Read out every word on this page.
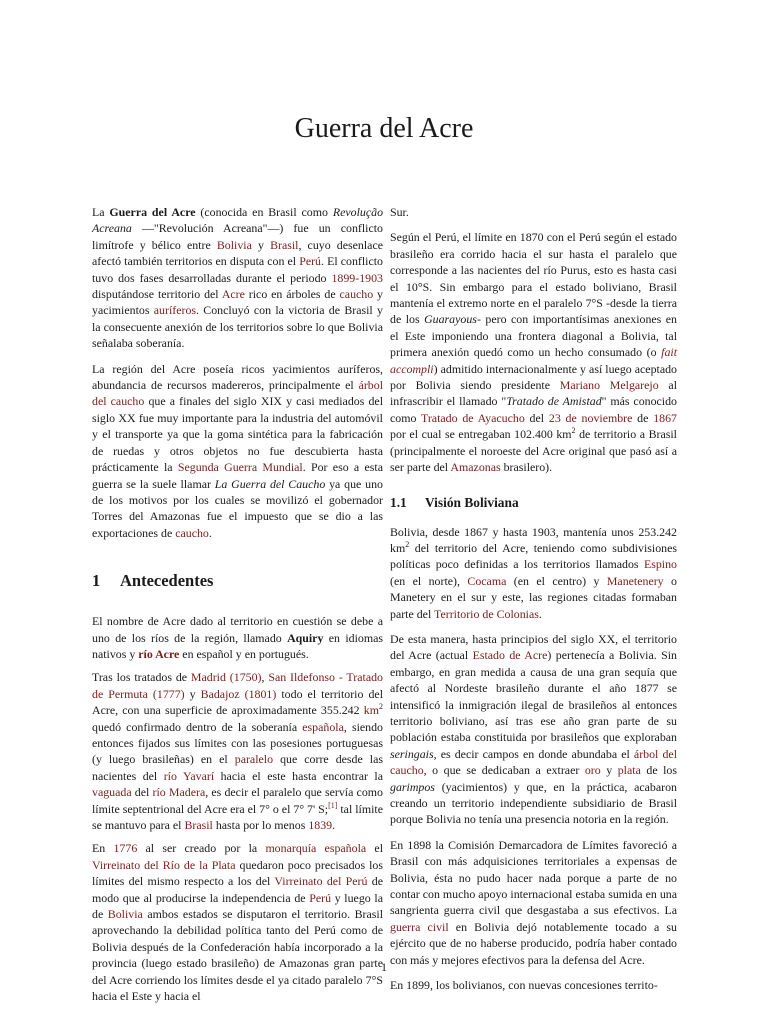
Guerra del Acre

La Guerra del Acre (conocida en Brasil como Revolução Acreana —"Revolución Acreana"—) fue un conflicto limítrofe y bélico entre Bolivia y Brasil, cuyo desenlace afectó también territorios en disputa con el Perú. El conflicto tuvo dos fases desarrolladas durante el periodo 1899-1903 disputándose territorio del Acre rico en árboles de caucho y yacimientos auríferos. Concluyó con la victoria de Brasil y la consecuente anexión de los territorios sobre lo que Bolivia señalaba soberanía.

La región del Acre poseía ricos yacimientos auríferos, abundancia de recursos madereros, principalmente el árbol del caucho que a finales del siglo XIX y casi mediados del siglo XX fue muy importante para la industria del automóvil y el transporte ya que la goma sintética para la fabricación de ruedas y otros objetos no fue descubierta hasta prácticamente la Segunda Guerra Mundial. Por eso a esta guerra se la suele llamar La Guerra del Caucho ya que uno de los motivos por los cuales se movilizó el gobernador Torres del Amazonas fue el impuesto que se dio a las exportaciones de caucho.

1 Antecedentes

El nombre de Acre dado al territorio en cuestión se debe a uno de los ríos de la región, llamado Aquiry en idiomas nativos y río Acre en español y en portugués.

Tras los tratados de Madrid (1750), San Ildefonso - Tratado de Permuta (1777) y Badajoz (1801) todo el territorio del Acre, con una superficie de aproximadamente 355.242 $km^2$ quedó confirmado dentro de la soberanía española, siendo entonces fijados sus límites con las posesiones portuguesas (y luego brasileñas) en el paralelo que corre desde las nacientes del río Yavarí hacia el este hasta encontrar la vaguada del río Madera, es decir el paralelo que servía como límite septentrional del Acre era el 7° o el 7° 7' S;[1] tal límite se mantuvo para el Brasil hasta por lo menos 1839.

En 1776 al ser creado por la monarquía española el Virreinato del Río de la Plata quedaron poco precisados los límites del mismo respecto a los del Virreinato del Perú de modo que al producirse la independencia de Perú y luego la de Bolivia ambos estados se disputaron el territorio. Brasil aprovechando la debilidad política tanto del Perú como de Bolivia después de la Confederación había incorporado a la provincia (luego estado brasileño) de Amazonas gran parte del Acre corriendo los límites desde el ya citado paralelo 7°S hacia el Este y hacia el

Sur.

Según el Perú, el límite en 1870 con el Perú según el estado brasileño era corrido hacia el sur hasta el paralelo que corresponde a las nacientes del río Purus, esto es hasta casi el 10°S. Sin embargo para el estado boliviano, Brasil mantenía el extremo norte en el paralelo 7°S -desde la tierra de los Guarayous- pero con importantísimas anexiones en el Este imponiendo una frontera diagonal a Bolivia, tal primera anexión quedó como un hecho consumado (o fait accompli) admitido internacionalmente y así luego aceptado por Bolivia siendo presidente Mariano Melgarejo al infrascribir el llamado "Tratado de Amistad" más conocido como Tratado de Ayacucho del 23 de noviembre de 1867 por el cual se entregaban 102.400 $km^2$ de territorio a Brasil (principalmente el noroeste del Acre original que pasó así a ser parte del Amazonas brasilero).

1.1 Visión Boliviana

Bolivia, desde 1867 y hasta 1903, mantenía unos 253.242 $km^2$ del territorio del Acre, teniendo como subdivisiones políticas poco definidas a los territorios llamados Espino (en el norte), Cocama (en el centro) y Manetenery o Manetery en el sur y este, las regiones citadas formaban parte del Territorio de Colonias.

De esta manera, hasta principios del siglo XX, el territorio del Acre (actual Estado de Acre) pertenecía a Bolivia. Sin embargo, en gran medida a causa de una gran sequía que afectó al Nordeste brasileño durante el año 1877 se intensificó la inmigración ilegal de brasileños al entonces territorio boliviano, así tras ese año gran parte de su población estaba constituida por brasileños que exploraban seringais, es decir campos en donde abundaba el árbol del caucho, o que se dedicaban a extraer oro y plata de los garimpos (yacimientos) y que, en la práctica, acabaron creando un territorio independiente subsidiario de Brasil porque Bolivia no tenía una presencia notoria en la región.

En 1898 la Comisión Demarcadora de Límites favoreció a Brasil con más adquisiciones territoriales a expensas de Bolivia, ésta no pudo hacer nada porque a parte de no contar con mucho apoyo internacional estaba sumida en una sangrienta guerra civil que desgastaba a sus efectivos. La guerra civil en Bolivia dejó notablemente tocado a su ejército que de no haberse producido, podría haber contado con más y mejores efectivos para la defensa del Acre.

En 1899, los bolivianos, con nuevas concesiones territo-

1
